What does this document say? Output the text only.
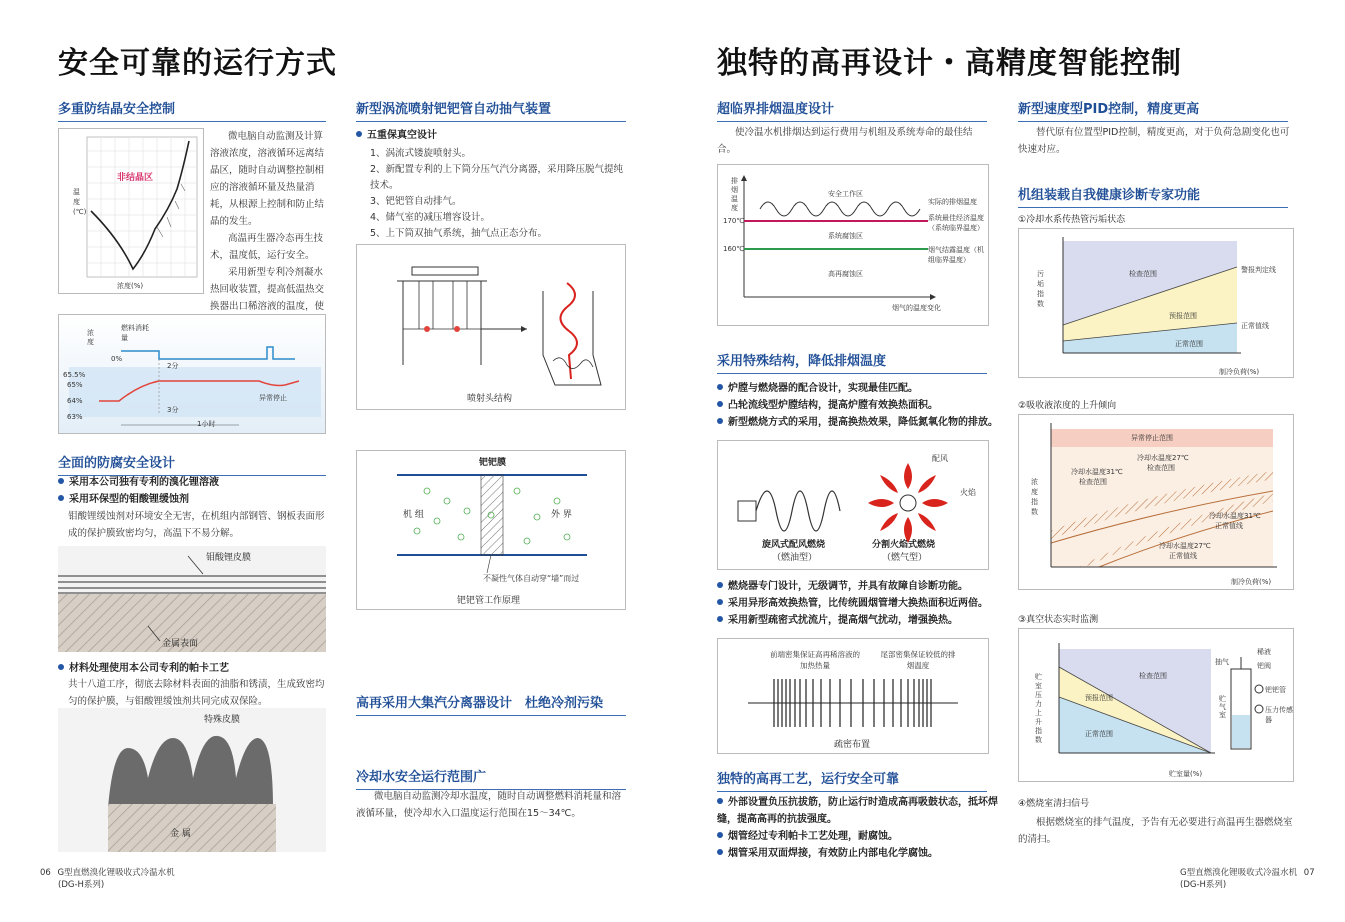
安全可靠的运行方式	独特的高再设计・高精度智能控制
多重防结晶安全控制
温度(℃)
非结晶区
浓度(%)
微电脑自动监测及计算溶液浓度，溶液循环远离结晶区，随时自动调整控制相应的溶液循环量及热量消耗，从根源上控制和防止结晶的发生。
高温再生器冷态再生技术，温度低，运行安全。
采用新型专利冷剂凝水热回收装置，提高低温热交换器出口稀溶液的温度，使
浓度
燃料消耗量
0%
65.5%
65%
64%
63%
2分
3分
1小时
异常停止
全面的防腐安全设计
采用本公司独有专利的溴化锂溶液
采用环保型的钼酸锂缓蚀剂
钼酸锂缓蚀剂对环境安全无害，在机组内部钢管、钢板表面形成的保护膜致密均匀，高温下不易分解。
钼酸锂皮膜
金属表面
材料处理使用本公司专利的帕卡工艺
共十八道工序，彻底去除材料表面的油脂和锈渍，生成致密均匀的保护膜，与钼酸锂缓蚀剂共同完成双保险。
特殊皮膜
金 属
新型涡流喷射钯钯管自动抽气装置
五重保真空设计
1、涡流式镂旋喷射头。
2、新配置专利的上下筒分压气汽分离器，采用降压脱气提纯技术。
3、钯钯管自动排气。
4、储气室的减压增容设计。
5、上下筒双抽气系统，抽气点正态分布。
喷射头结构
钯钯膜
机 组	外 界
不凝性气体自动穿“墙”而过
钯钯管工作原理
高再采用大集汽分离器设计　杜绝冷剂污染
冷却水安全运行范围广
微电脑自动监测冷却水温度，随时自动调整燃料消耗量和溶液循环量，使冷却水入口温度运行范围在15～34℃。
超临界排烟温度设计
使冷温水机排烟达到运行费用与机组及系统寿命的最佳结合。
排烟温度
170℃
160℃
安全工作区
系统腐蚀区
高再腐蚀区
实际的排烟温度
系统最佳经济温度（系统临界温度）
烟气结露温度（机组临界温度）
烟气的温度变化
采用特殊结构，降低排烟温度
炉膛与燃烧器的配合设计，实现最佳匹配。
凸轮流线型炉膛结构，提高炉膛有效换热面积。
新型燃烧方式的采用，提高换热效果，降低氮氧化物的排放。
旋风式配风燃烧
（燃油型）
分割火焰式燃烧
（燃气型）
配风
火焰
燃烧器专门设计，无级调节，并具有故障自诊断功能。
采用异形高效换热管，比传统圆烟管增大换热面积近两倍。
采用新型疏密式扰流片，提高烟气扰动，增强换热。
前端密集保证高再稀溶液的加热热量
尾部密集保证较低的排烟温度
疏密布置
独特的高再工艺，运行安全可靠
外部设置负压抗拔筋，防止运行时造成高再吸鼓状态，抵坏焊缝，提高高再的抗拔强度。
烟管经过专利帕卡工艺处理，耐腐蚀。
烟管采用双面焊接，有效防止内部电化学腐蚀。
新型速度型PID控制，精度更高
替代原有位置型PID控制，精度更高，对于负荷急剧变化也可快速对应。
机组装载自我健康诊断专家功能
①冷却水系传热管污垢状态
污垢指数
检查范围
预报范围
正常范围
警报判定线
正常值线
制冷负荷(%)
②吸收液浓度的上升倾向
异常停止范围
浓度指数
冷却水温度31℃
检查范围
冷却水温度27℃
检查范围
冷却水温度31℃
正常值线
冷却水温度27℃
正常值线
制冷负荷(%)
③真空状态实时监测
贮室压力上升指数
检查范围
预报范围
正常范围
抽气
稀液
钯阀
钯钯管
贮气室
压力传感器
贮室量(%)
④燃烧室清扫信号
根据燃烧室的排气温度，予告有无必要进行高温再生器燃烧室的清扫。
06 G型直燃溴化锂吸收式冷温水机
(DG-H系列)
G型直燃溴化锂吸收式冷温水机 07
(DG-H系列)
